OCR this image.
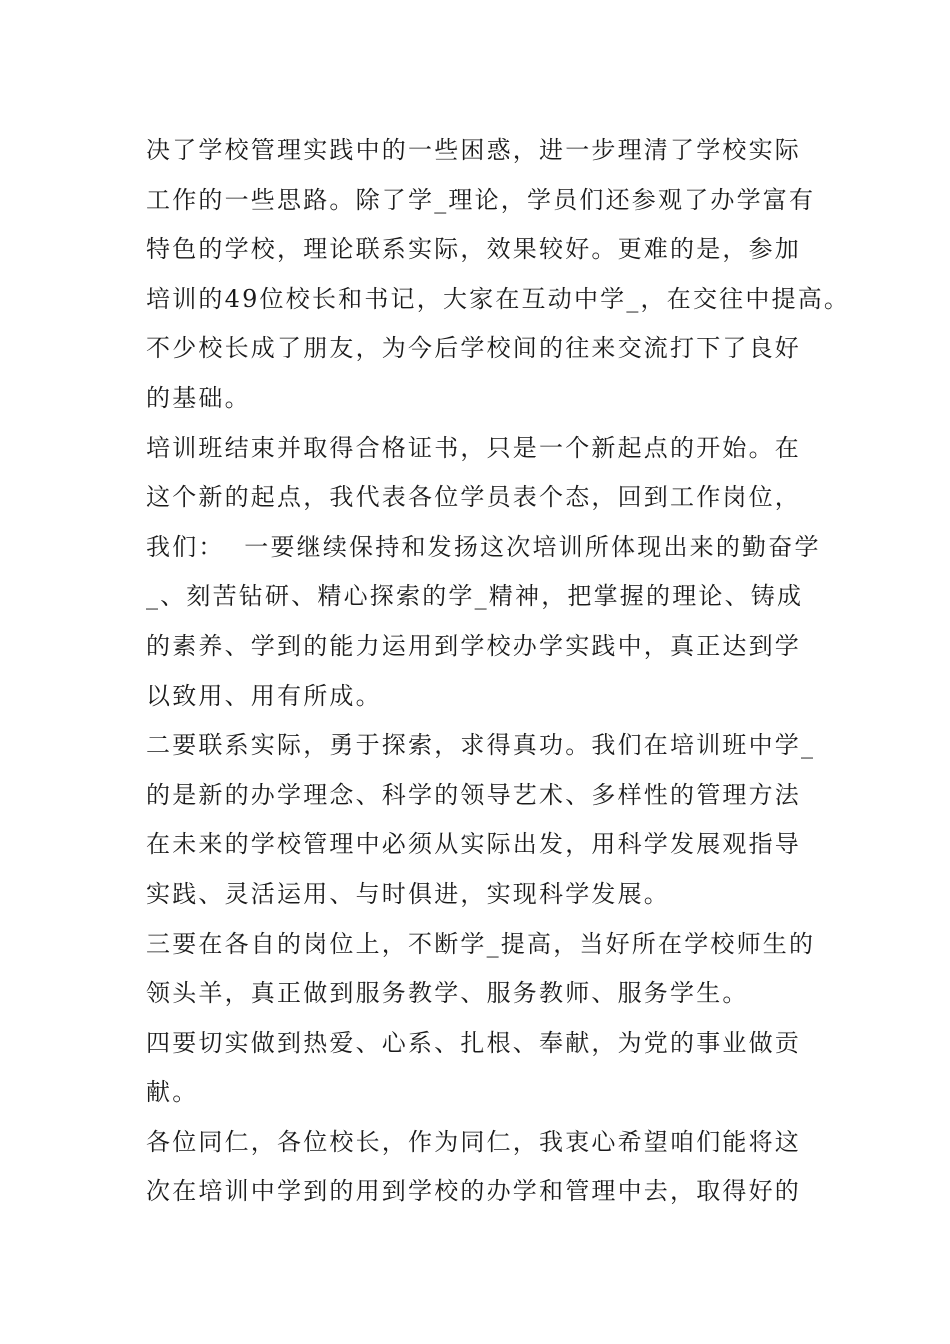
决了学校管理实践中的一些困惑，进一步理清了学校实际

工作的一些思路。除了学_理论，学员们还参观了办学富有

特色的学校，理论联系实际，效果较好。更难的是，参加

培训的49位校长和书记，大家在互动中学_，在交往中提高。

不少校长成了朋友，为今后学校间的往来交流打下了良好

的基础。

培训班结束并取得合格证书，只是一个新起点的开始。在

这个新的起点，我代表各位学员表个态，回到工作岗位，

我们：  一要继续保持和发扬这次培训所体现出来的勤奋学

_、刻苦钻研、精心探索的学_精神，把掌握的理论、铸成

的素养、学到的能力运用到学校办学实践中，真正达到学

以致用、用有所成。

二要联系实际，勇于探索，求得真功。我们在培训班中学_

的是新的办学理念、科学的领导艺术、多样性的管理方法

在未来的学校管理中必须从实际出发，用科学发展观指导

实践、灵活运用、与时俱进，实现科学发展。

三要在各自的岗位上，不断学_提高，当好所在学校师生的

领头羊，真正做到服务教学、服务教师、服务学生。

四要切实做到热爱、心系、扎根、奉献，为党的事业做贡

献。

各位同仁，各位校长，作为同仁，我衷心希望咱们能将这

次在培训中学到的用到学校的办学和管理中去，取得好的
